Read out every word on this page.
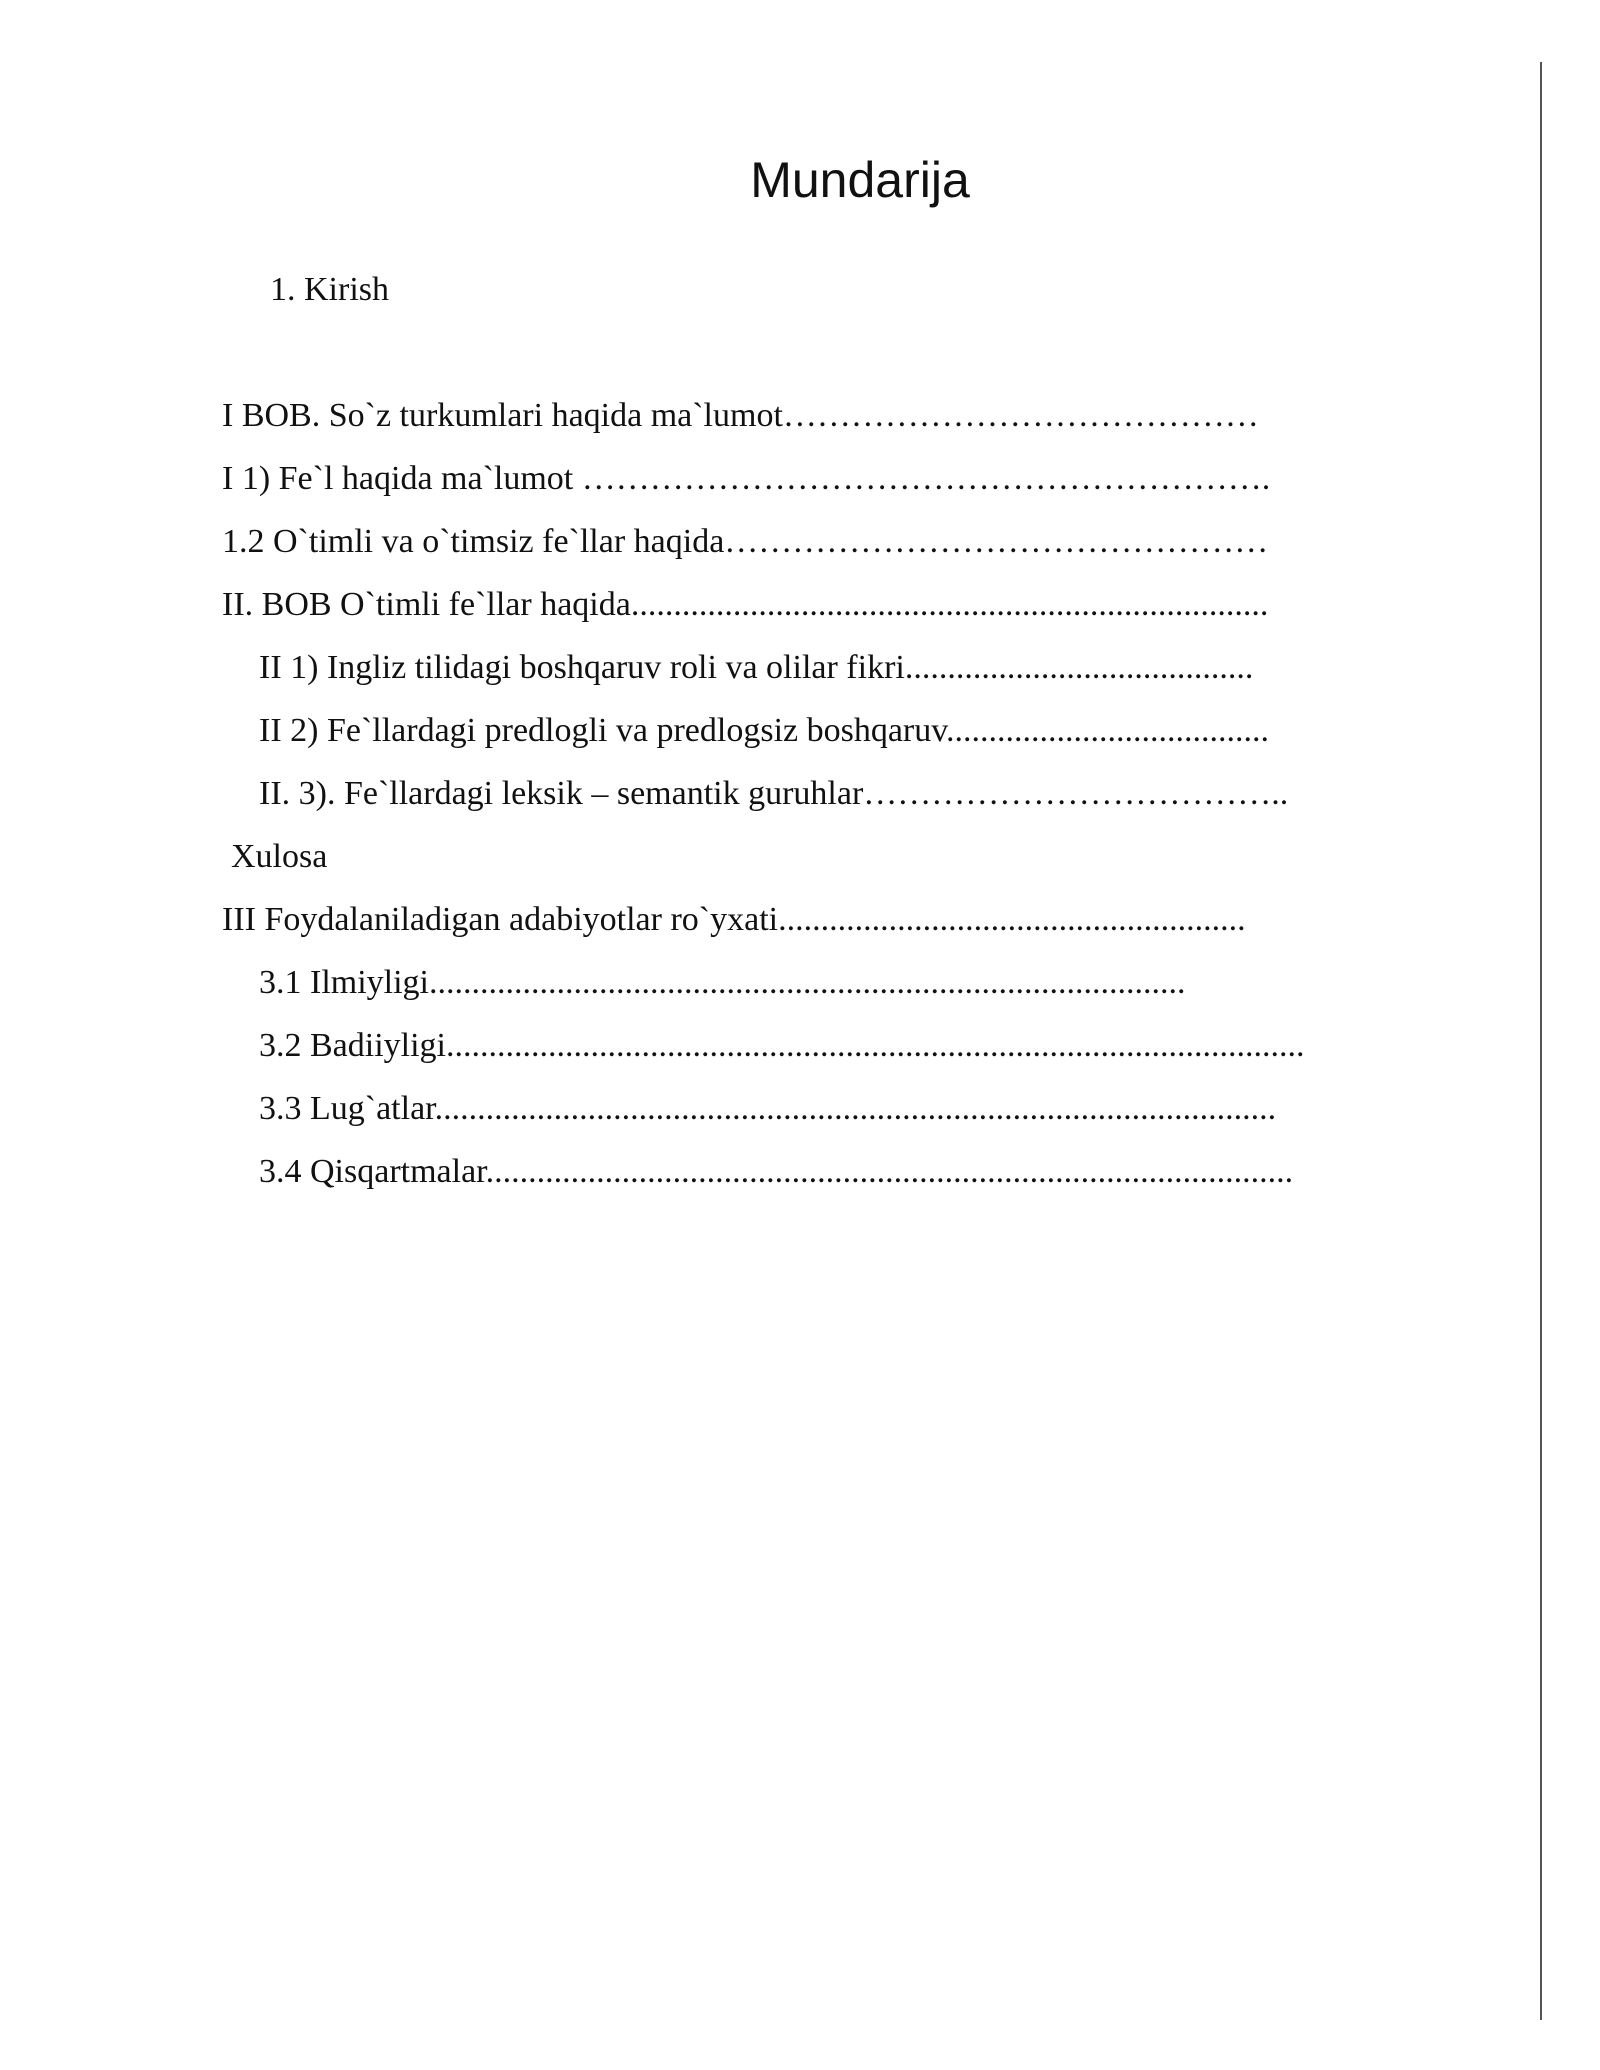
Mundarija
1. Kirish
I BOB. So`z turkumlari haqida ma`lumot……………………………………
I 1) Fe`l haqida ma`lumot …………………………………………………….
1.2 O`timli va o`timsiz fe`llar haqida…………………………………………
II. BOB O`timli fe`llar haqida...........................................................................
II 1) Ingliz tilidagi boshqaruv roli va olilar fikri.........................................
II 2) Fe`llardagi predlogli va predlogsiz boshqaruv......................................
II. 3). Fe`llardagi leksik – semantik guruhlar………………………………..
Xulosa
III Foydalaniladigan adabiyotlar ro`yxati.......................................................
3.1 Ilmiyligi.........................................................................................
3.2 Badiiyligi.....................................................................................................
3.3 Lug`atlar...................................................................................................
3.4 Qisqartmalar...............................................................................................
